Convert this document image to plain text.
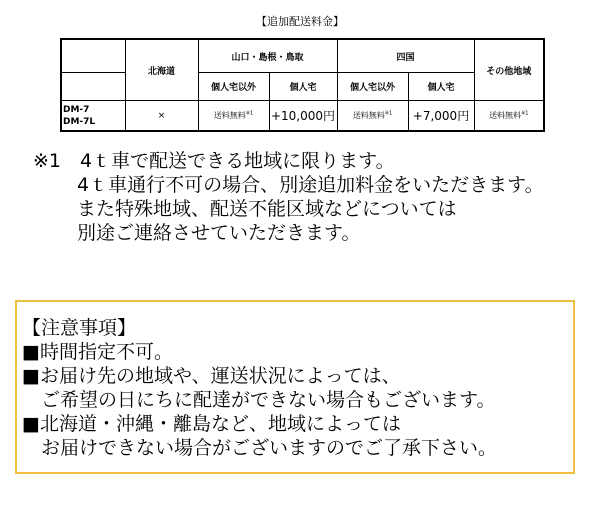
【追加配送料金】
	北海道	山口・島根・鳥取		四国		その他地域
		個人宅以外	個人宅	個人宅以外	個人宅	
DM-7
DM-7L	×	送料無料$^{※1}$	+10,000円	送料無料$^{※1}$	+7,000円	送料無料$^{※1}$
※1　4ｔ車で配送できる地域に限ります。
　　 4ｔ車通行不可の場合、別途追加料金をいただきます。
　　 また特殊地域、配送不能区域などについては
　　 別途ご連絡させていただきます。
【注意事項】
■時間指定不可。
■お届け先の地域や、運送状況によっては、
　ご希望の日にちに配達ができない場合もございます。
■北海道・沖縄・離島など、地域によっては
　お届けできない場合がございますのでご了承下さい。
